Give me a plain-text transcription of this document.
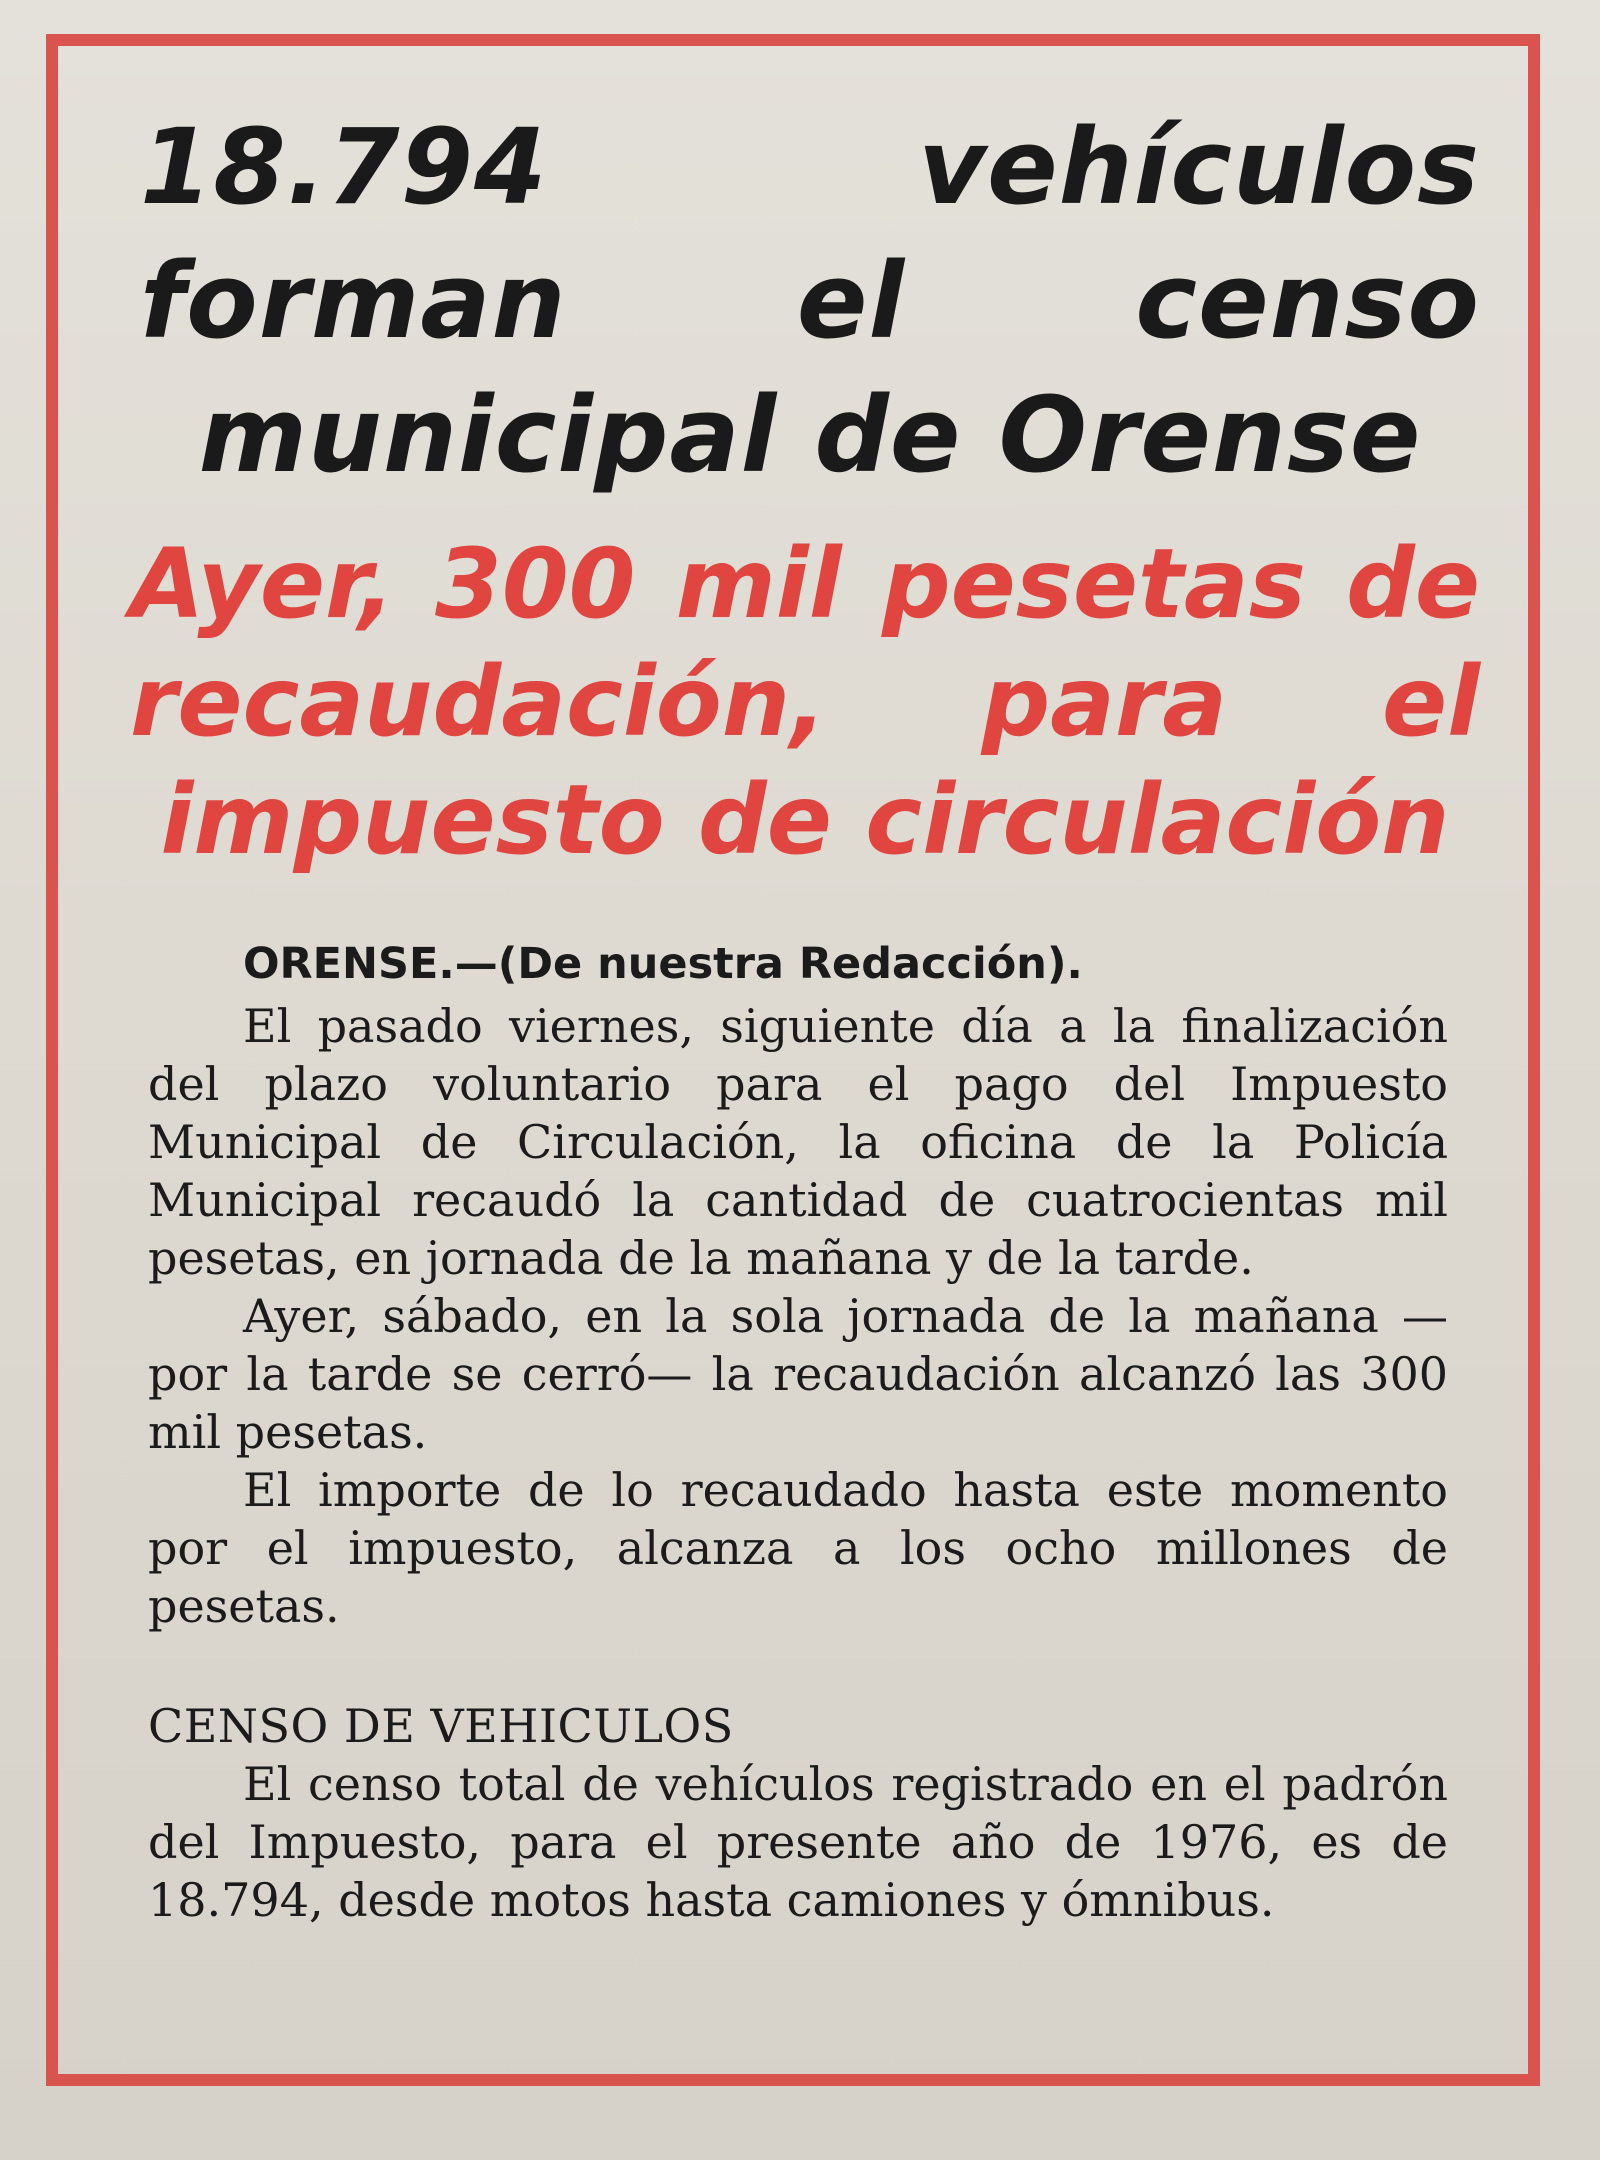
18.794 vehículos forman el censo municipal de Orense
Ayer, 300 mil pesetas de recaudación, para el impuesto de circulación
ORENSE.—(De nuestra Redacción).

El pasado viernes, siguiente día a la finalización del plazo voluntario para el pago del Impuesto Municipal de Circulación, la oficina de la Policía Municipal recaudó la cantidad de cuatrocientas mil pesetas, en jornada de la mañana y de la tarde.

Ayer, sábado, en la sola jornada de la mañana —por la tarde se cerró— la recaudación alcanzó las 300 mil pesetas.

El importe de lo recaudado hasta este momento por el impuesto, alcanza a los ocho millones de pesetas.

CENSO DE VEHICULOS

El censo total de vehículos registrado en el padrón del Impuesto, para el presente año de 1976, es de 18.794, desde motos hasta camiones y ómnibus.
